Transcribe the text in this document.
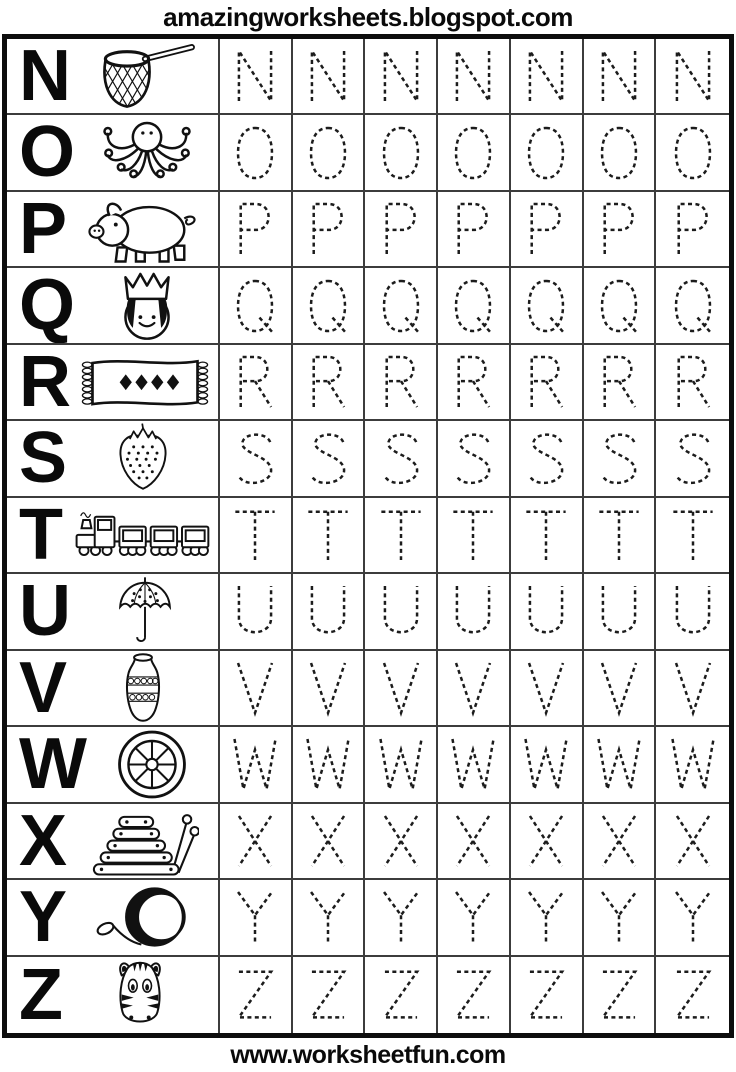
amazingworksheets.blogspot.com
N
O
P
Q
R
S
T
U
V
W
X
Y
Z
www.worksheetfun.com
